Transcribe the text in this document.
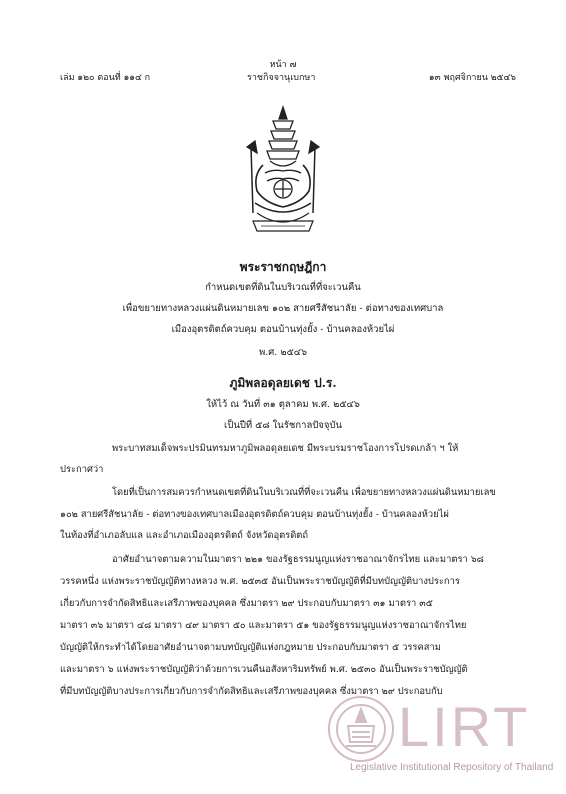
หน้า ๗
เล่ม ๑๒๐ ตอนที่ ๑๑๔ ก	ราชกิจจานุเบกษา	๑๓ พฤศจิกายน ๒๕๔๖
พระราชกฤษฎีกา
กำหนดเขตที่ดินในบริเวณที่ที่จะเวนคืน
เพื่อขยายทางหลวงแผ่นดินหมายเลข ๑๐๒ สายศรีสัชนาลัย - ต่อทางของเทศบาล
เมืองอุตรดิตถ์ควบคุม ตอนบ้านทุ่งยั้ง - บ้านคลองห้วยไผ่
พ.ศ. ๒๕๔๖
ภูมิพลอดุลยเดช ป.ร.
ให้ไว้ ณ วันที่ ๓๑ ตุลาคม พ.ศ. ๒๕๔๖
เป็นปีที่ ๕๘ ในรัชกาลปัจจุบัน
พระบาทสมเด็จพระปรมินทรมหาภูมิพลอดุลยเดช มีพระบรมราชโองการโปรดเกล้า ฯ ให้
ประกาศว่า
โดยที่เป็นการสมควรกำหนดเขตที่ดินในบริเวณที่ที่จะเวนคืน เพื่อขยายทางหลวงแผ่นดินหมายเลข
๑๐๒ สายศรีสัชนาลัย - ต่อทางของเทศบาลเมืองอุตรดิตถ์ควบคุม ตอนบ้านทุ่งยั้ง - บ้านคลองห้วยไผ่
ในท้องที่อำเภอลับแล และอำเภอเมืองอุตรดิตถ์ จังหวัดอุตรดิตถ์
อาศัยอำนาจตามความในมาตรา ๒๒๑ ของรัฐธรรมนูญแห่งราชอาณาจักรไทย และมาตรา ๖๘
วรรคหนึ่ง แห่งพระราชบัญญัติทางหลวง พ.ศ. ๒๕๓๕ อันเป็นพระราชบัญญัติที่มีบทบัญญัติบางประการ
เกี่ยวกับการจำกัดสิทธิและเสรีภาพของบุคคล ซึ่งมาตรา ๒๙ ประกอบกับมาตรา ๓๑ มาตรา ๓๕
มาตรา ๓๖ มาตรา ๔๘ มาตรา ๔๙ มาตรา ๕๐ และมาตรา ๕๑ ของรัฐธรรมนูญแห่งราชอาณาจักรไทย
บัญญัติให้กระทำได้โดยอาศัยอำนาจตามบทบัญญัติแห่งกฎหมาย ประกอบกับมาตรา ๕ วรรคสาม
และมาตรา ๖ แห่งพระราชบัญญัติว่าด้วยการเวนคืนอสังหาริมทรัพย์ พ.ศ. ๒๕๓๐ อันเป็นพระราชบัญญัติ
ที่มีบทบัญญัติบางประการเกี่ยวกับการจำกัดสิทธิและเสรีภาพของบุคคล ซึ่งมาตรา ๒๙ ประกอบกับ
LIRT
Legislative Institutional Repository of Thailand
